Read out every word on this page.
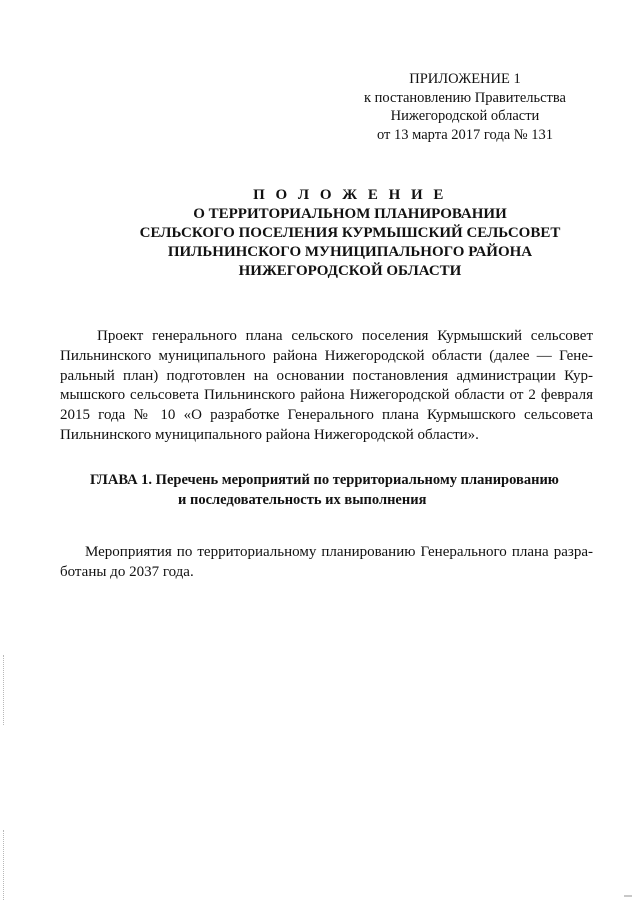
ПРИЛОЖЕНИЕ 1
к постановлению Правительства
Нижегородской области
от 13 марта 2017 года № 131
П О Л О Ж Е Н И Е
О ТЕРРИТОРИАЛЬНОМ ПЛАНИРОВАНИИ
СЕЛЬСКОГО ПОСЕЛЕНИЯ КУРМЫШСКИЙ СЕЛЬСОВЕТ
ПИЛЬНИНСКОГО МУНИЦИПАЛЬНОГО РАЙОНА
НИЖЕГОРОДСКОЙ ОБЛАСТИ
Проект генерального плана сельского поселения Курмышский сельсовет
Пильнинского муниципального района Нижегородской области (далее — Гене-
ральный план) подготовлен на основании постановления администрации Кур-
мышского сельсовета Пильнинского района Нижегородской области от 2 февраля
2015 года № 10 «О разработке Генерального плана Курмышского сельсовета
Пильнинского муниципального района Нижегородской области».
ГЛАВА 1. Перечень мероприятий по территориальному планированию
и последовательность их выполнения
Мероприятия по территориальному планированию Генерального плана разра-
ботаны до 2037 года.
